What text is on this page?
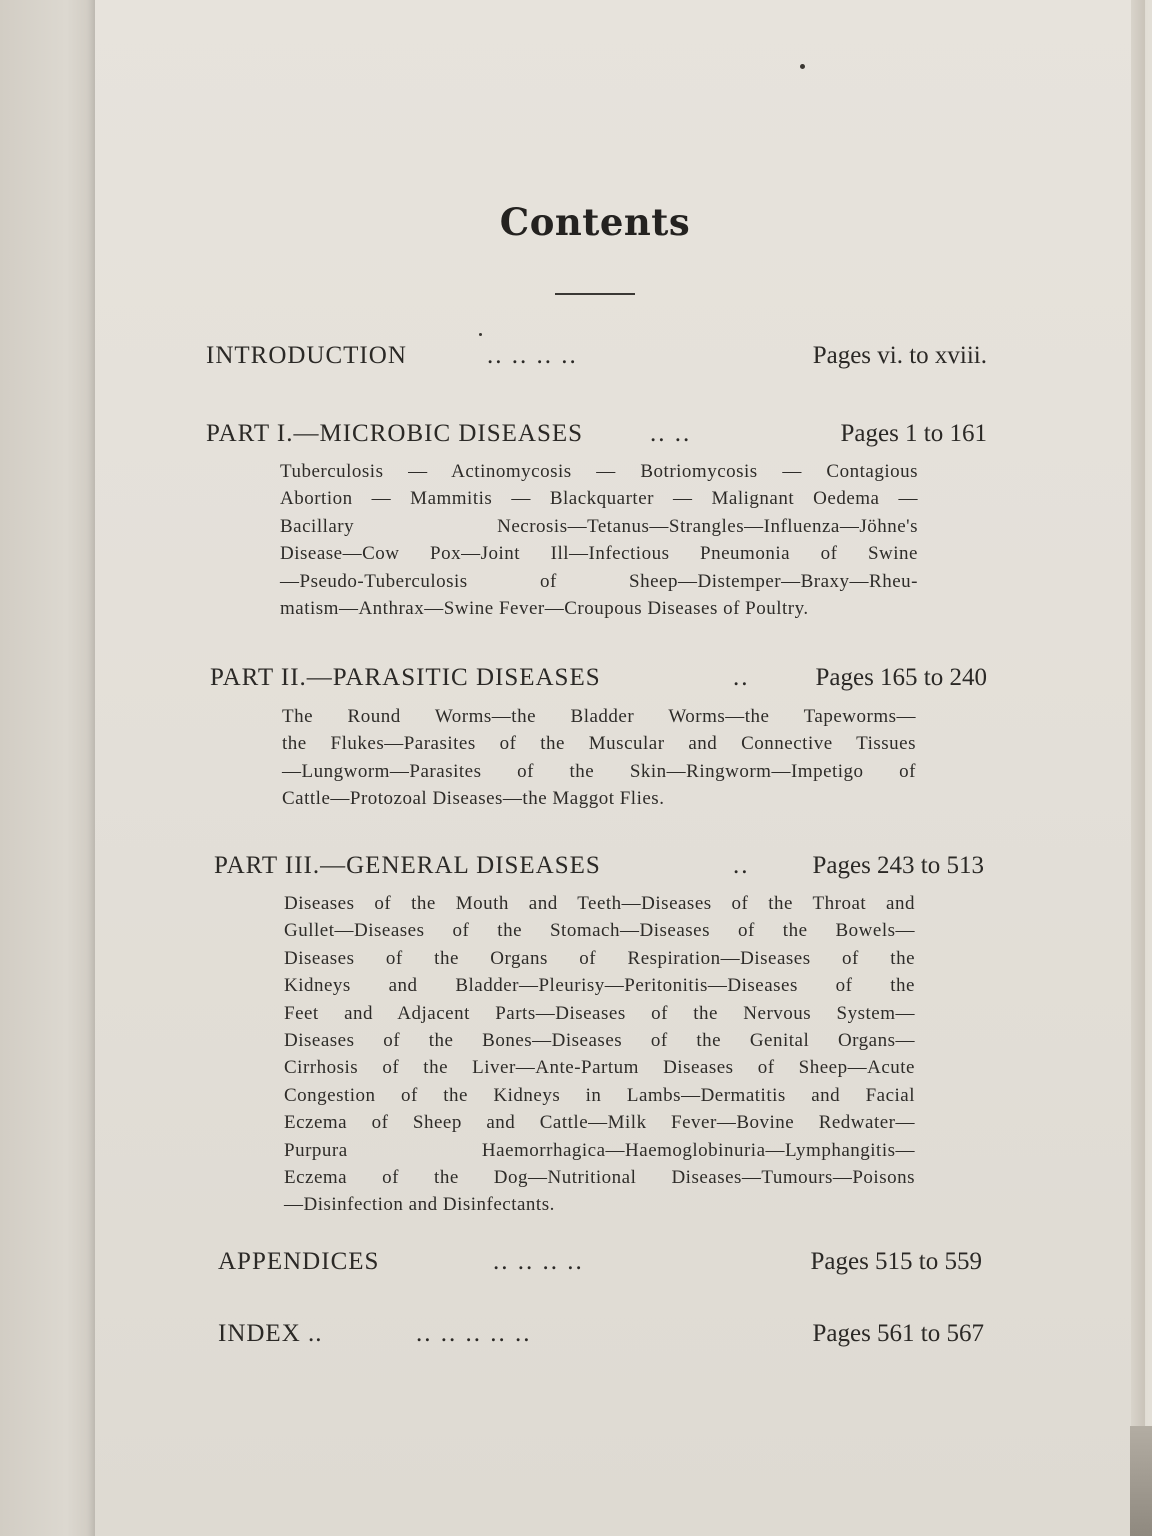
Contents
INTRODUCTION	.. .. .. ..	Pages vi. to xviii.
PART I.—MICROBIC DISEASES	.. ..	Pages 1 to 161
Tuberculosis — Actinomycosis — Botriomycosis — Contagious
Abortion — Mammitis — Blackquarter — Malignant Oedema —
Bacillary Necrosis—Tetanus—Strangles—Influenza—Jöhne's
Disease—Cow Pox—Joint Ill—Infectious Pneumonia of Swine
—Pseudo-Tuberculosis of Sheep—Distemper—Braxy—Rheu-
matism—Anthrax—Swine Fever—Croupous Diseases of Poultry.
PART II.—PARASITIC DISEASES	..	Pages 165 to 240
The Round Worms—the Bladder Worms—the Tapeworms—
the Flukes—Parasites of the Muscular and Connective Tissues
—Lungworm—Parasites of the Skin—Ringworm—Impetigo of
Cattle—Protozoal Diseases—the Maggot Flies.
PART III.—GENERAL DISEASES	..	Pages 243 to 513
Diseases of the Mouth and Teeth—Diseases of the Throat and
Gullet—Diseases of the Stomach—Diseases of the Bowels—
Diseases of the Organs of Respiration—Diseases of the
Kidneys and Bladder—Pleurisy—Peritonitis—Diseases of the
Feet and Adjacent Parts—Diseases of the Nervous System—
Diseases of the Bones—Diseases of the Genital Organs—
Cirrhosis of the Liver—Ante-Partum Diseases of Sheep—Acute
Congestion of the Kidneys in Lambs—Dermatitis and Facial
Eczema of Sheep and Cattle—Milk Fever—Bovine Redwater—
Purpura Haemorrhagica—Haemoglobinuria—Lymphangitis—
Eczema of the Dog—Nutritional Diseases—Tumours—Poisons
—Disinfection and Disinfectants.
APPENDICES	.. .. .. ..	Pages 515 to 559
INDEX ..	.. .. .. .. ..	Pages 561 to 567
